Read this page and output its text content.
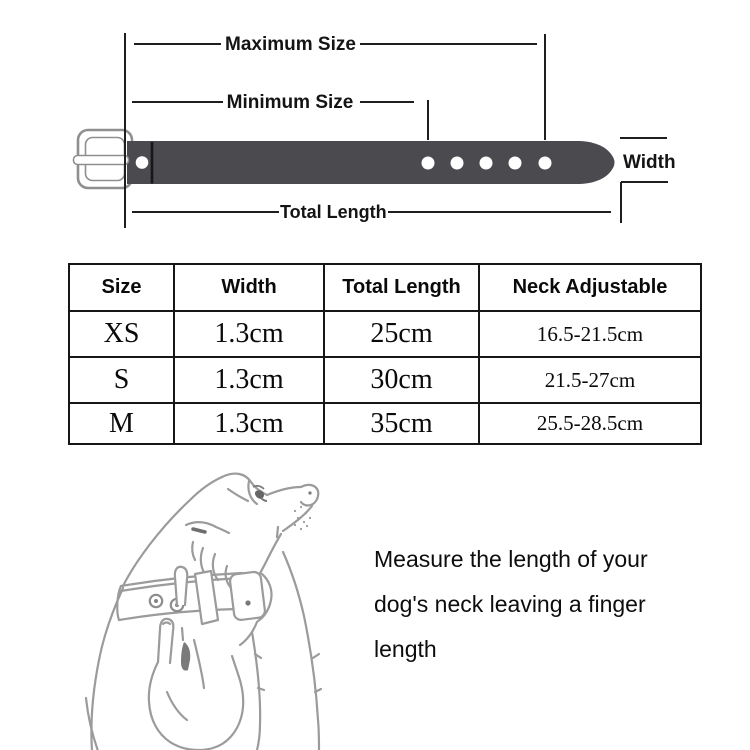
Maximum Size
Minimum Size
Width
Total Length
Size	Width	Total Length	Neck Adjustable
XS	1.3cm	25cm	16.5-21.5cm
S	1.3cm	30cm	21.5-27cm
M	1.3cm	35cm	25.5-28.5cm
Measure the length of your
dog's neck leaving a finger
length
